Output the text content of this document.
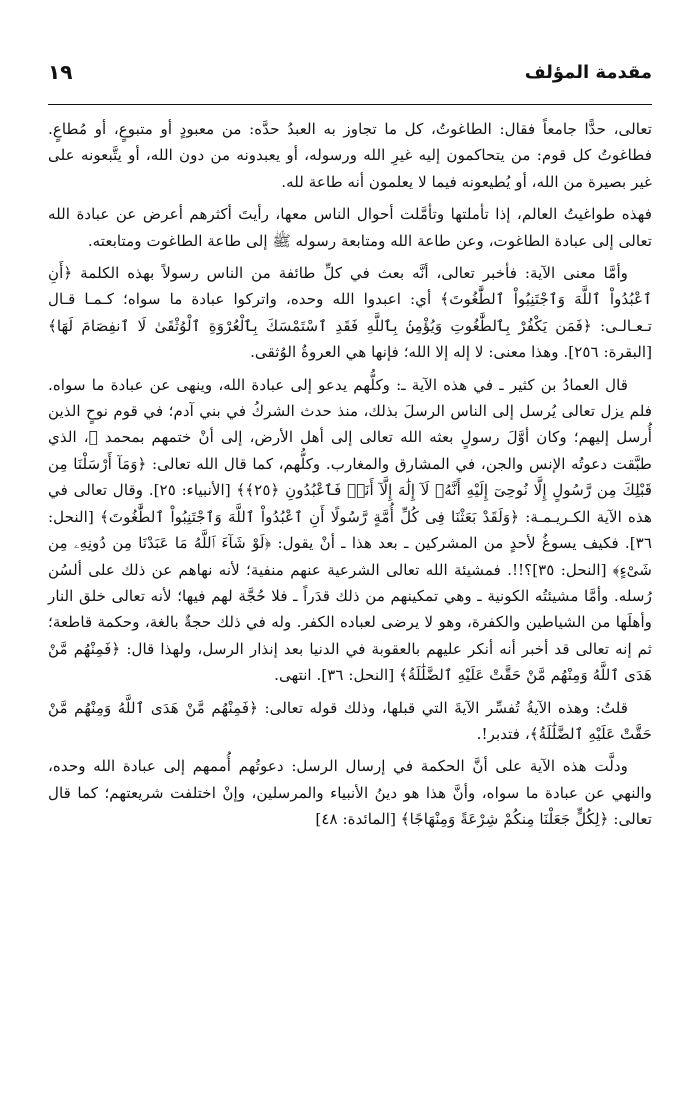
مقدمة المؤلف
١٩

تعالى، حدًّا جامعاً فقال: الطاغوتُ، كل ما تجاوز به العبدُ حدَّه: من معبودٍ أو متبوعٍ، أو مُطاعٍ. فطاغوتُ كل قوم: من يتحاكمون إليه غيرِ الله ورسوله، أو يعبدونه من دون الله، أو يتَّبعونه على غير بصيرة من الله، أو يُطيعونه فيما لا يعلمون أنه طاعة لله.

فهذه طواغيتُ العالم، إذا تأملتها وتأمَّلت أحوال الناس معها، رأيتَ أكثرهم أعرض عن عبادة الله تعالى إلى عبادة الطاغوت، وعن طاعة الله ومتابعة رسوله ﷺ إلى طاعة الطاغوت ومتابعته.

وأمَّا معنى الآية: فأخبر تعالى، أنَّه بعث في كلِّ طائفة من الناس رسولاً بهذه الكلمة ﴿أَنِ ٱعْبُدُواْ ٱللَّهَ وَٱجْتَنِبُواْ ٱلطَّٰغُوتَ﴾ أي: اعبدوا الله وحده، واتركوا عبادة ما سواه؛ كـمـا قـال تـعـالـى: ﴿فَمَن يَكْفُرْ بِٱلطَّٰغُوتِ وَيُؤْمِنۢ بِٱللَّهِ فَقَدِ ٱسْتَمْسَكَ بِٱلْعُرْوَةِ ٱلْوُثْقَىٰ لَا ٱنفِصَامَ لَهَا﴾ [البقرة: ٢٥٦]. وهذا معنى: لا إله إلا الله؛ فإنها هي العروةُ الوُثقى.

قال العمادُ بن كثير ـ في هذه الآية ـ: وكلُّهم يدعو إلى عبادة الله، وينهى عن عبادة ما سواه. فلم يزل تعالى يُرسل إلى الناس الرسلَ بذلك، منذ حدث الشركُ في بني آدم؛ في قوم نوحٍ الذين أُرسل إليهم؛ وكان أوَّلَ رسولٍ بعثه الله تعالى إلى أهل الأرض، إلى أنْ ختمهم بمحمد ﷺ، الذي طبَّقت دعوتُه الإنس والجن، في المشارق والمغارب. وكلُّهم، كما قال الله تعالى: ﴿وَمَآ أَرْسَلْنَا مِن قَبْلِكَ مِن رَّسُولٍ إِلَّا نُوحِىٓ إِلَيْهِ أَنَّهُۥ لَآ إِلَٰهَ إِلَّآ أَنَا۠ فَٱعْبُدُونِ ﴿٢٥﴾﴾ [الأنبياء: ٢٥]. وقال تعالى في هذه الآية الكـريـمـة: ﴿وَلَقَدْ بَعَثْنَا فِى كُلِّ أُمَّةٍ رَّسُولًا أَنِ ٱعْبُدُواْ ٱللَّهَ وَٱجْتَنِبُواْ ٱلطَّٰغُوتَ﴾ [النحل: ٣٦]. فكيف يسوغُ لأحدٍ من المشركين ـ بعد هذا ـ أنْ يقول: ﴿لَوْ شَآءَ ٱللَّهُ مَا عَبَدْنَا مِن دُونِهِۦ مِن شَىْءٍ﴾ [النحل: ٣٥]؟!!. فمشيئة الله تعالى الشرعية عنهم منفية؛ لأنه نهاهم عن ذلك على ألسُن رُسله. وأمَّا مشيئتُه الكونية ـ وهي تمكينهم من ذلك قدَراً ـ فلا حُجَّة لهم فيها؛ لأنه تعالى خلق النار وأهلَها من الشياطين والكفرة، وهو لا يرضى لعباده الكفر. وله في ذلك حجةٌ بالغة، وحكمة قاطعة؛ ثم إنه تعالى قد أخبر أنه أنكر عليهم بالعقوبة في الدنيا بعد إنذار الرسل، ولهذا قال: ﴿فَمِنْهُم مَّنْ هَدَى ٱللَّهُ وَمِنْهُم مَّنْ حَقَّتْ عَلَيْهِ ٱلضَّلَٰلَةُ﴾ [النحل: ٣٦]. انتهى.

قلتُ: وهذه الآيةُ تُفسِّر الآيةَ التي قبلها، وذلك قوله تعالى: ﴿فَمِنْهُم مَّنْ هَدَى ٱللَّهُ وَمِنْهُم مَّنْ حَقَّتْ عَلَيْهِ ٱلضَّلَٰلَةُ﴾، فتدبر!.

ودلَّت هذه الآية على أنَّ الحكمة في إرسال الرسل: دعوتُهم أُممهم إلى عبادة الله وحده، والنهي عن عبادة ما سواه، وأنَّ هذا هو دينُ الأنبياء والمرسلين، وإنْ اختلفت شريعتهم؛ كما قال تعالى: ﴿لِكُلٍّ جَعَلْنَا مِنكُمْ شِرْعَةً وَمِنْهَاجًا﴾ [المائدة: ٤٨]
